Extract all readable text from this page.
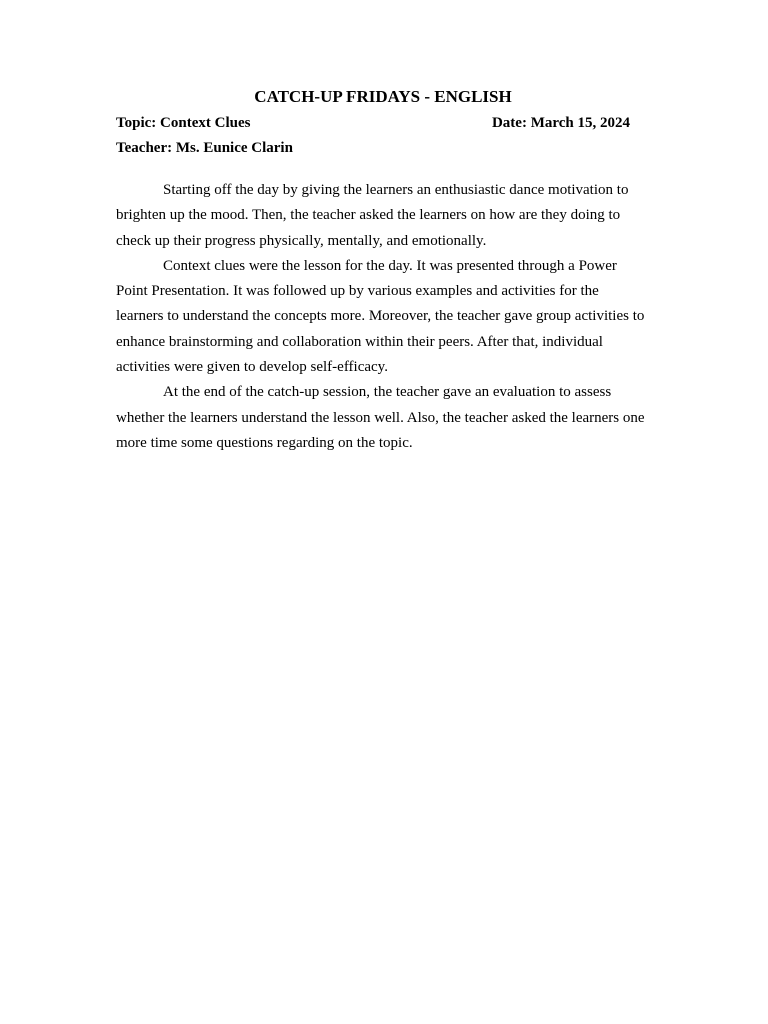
CATCH-UP FRIDAYS - ENGLISH
Topic: Context Clues	Date: March 15, 2024
Teacher: Ms. Eunice Clarin

Starting off the day by giving the learners an enthusiastic dance motivation to brighten up the mood. Then, the teacher asked the learners on how are they doing to check up their progress physically, mentally, and emotionally.

Context clues were the lesson for the day. It was presented through a Power Point Presentation. It was followed up by various examples and activities for the learners to understand the concepts more. Moreover, the teacher gave group activities to enhance brainstorming and collaboration within their peers. After that, individual activities were given to develop self-efficacy.

At the end of the catch-up session, the teacher gave an evaluation to assess whether the learners understand the lesson well. Also, the teacher asked the learners one more time some questions regarding on the topic.
